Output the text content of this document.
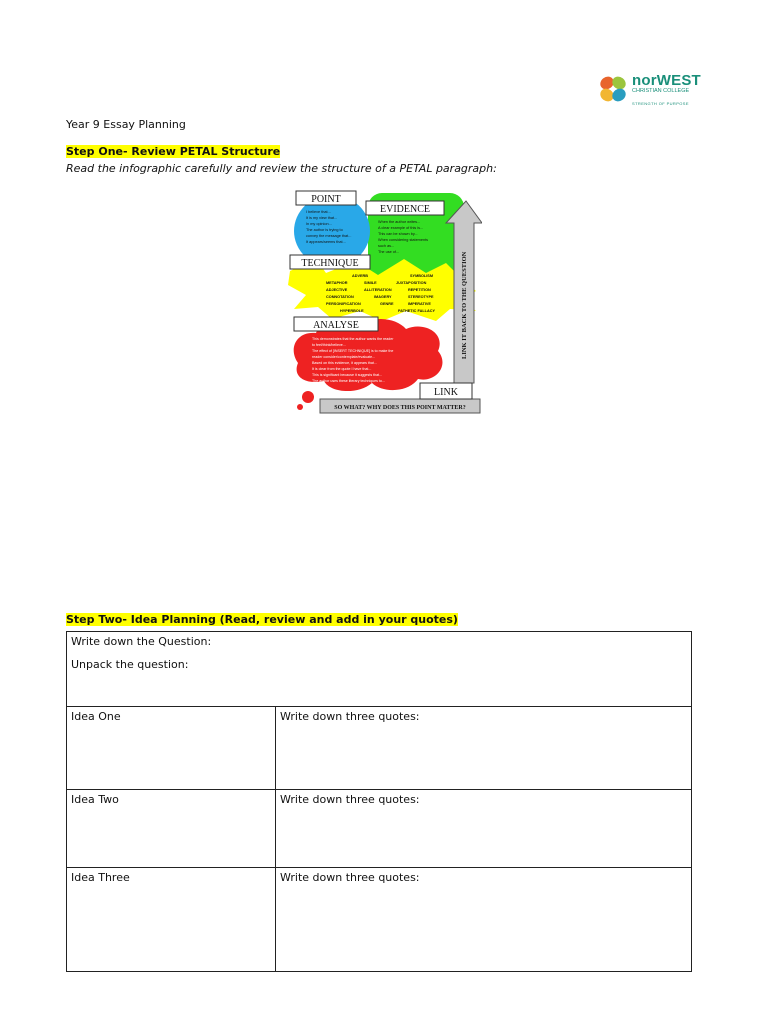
norWEST
CHRISTIAN COLLEGE
STRENGTH OF PURPOSE
Year 9 Essay Planning
Step One- Review PETAL Structure
Read the infographic carefully and review the structure of a PETAL paragraph:
SO WHAT? WHY DOES THIS POINT MATTER?
LINK IT BACK TO THE QUESTION
POINT
EVIDENCE
TECHNIQUE
ANALYSE
LINK
I believe that...
It is my view that...
In my opinion...
The author is trying to
convey the message that...
It appears/seems that...
When the author writes...
A clear example of this is...
This can be shown by...
When considering statements
such as...
The use of...
ADVERB	SYMBOLISM
METAPHOR	SIMILE	JUXTAPOSITION
ADJECTIVE	ALLITERATION	REPETITION
CONNOTATION	IMAGERY	STEREOTYPE
PERSONIFICATION	GENRE	IMPERATIVE
HYPERBOLE	PATHETIC FALLACY
This demonstrates that the author wants the reader
to feel/think/believe...
The effect of [INSERT TECHNIQUE] is to make the
reader consider/contemplate/evaluate...
Based on this evidence, it appears that...
It is clear from the quote I have that...
This is significant because it suggests that...
The author uses these literary techniques to...
Step Two- Idea Planning (Read, review and add in your quotes)
Write down the Question:
Unpack the question:	

Idea One	Write down three quotes:
Idea Two	Write down three quotes:
Idea Three	Write down three quotes:
